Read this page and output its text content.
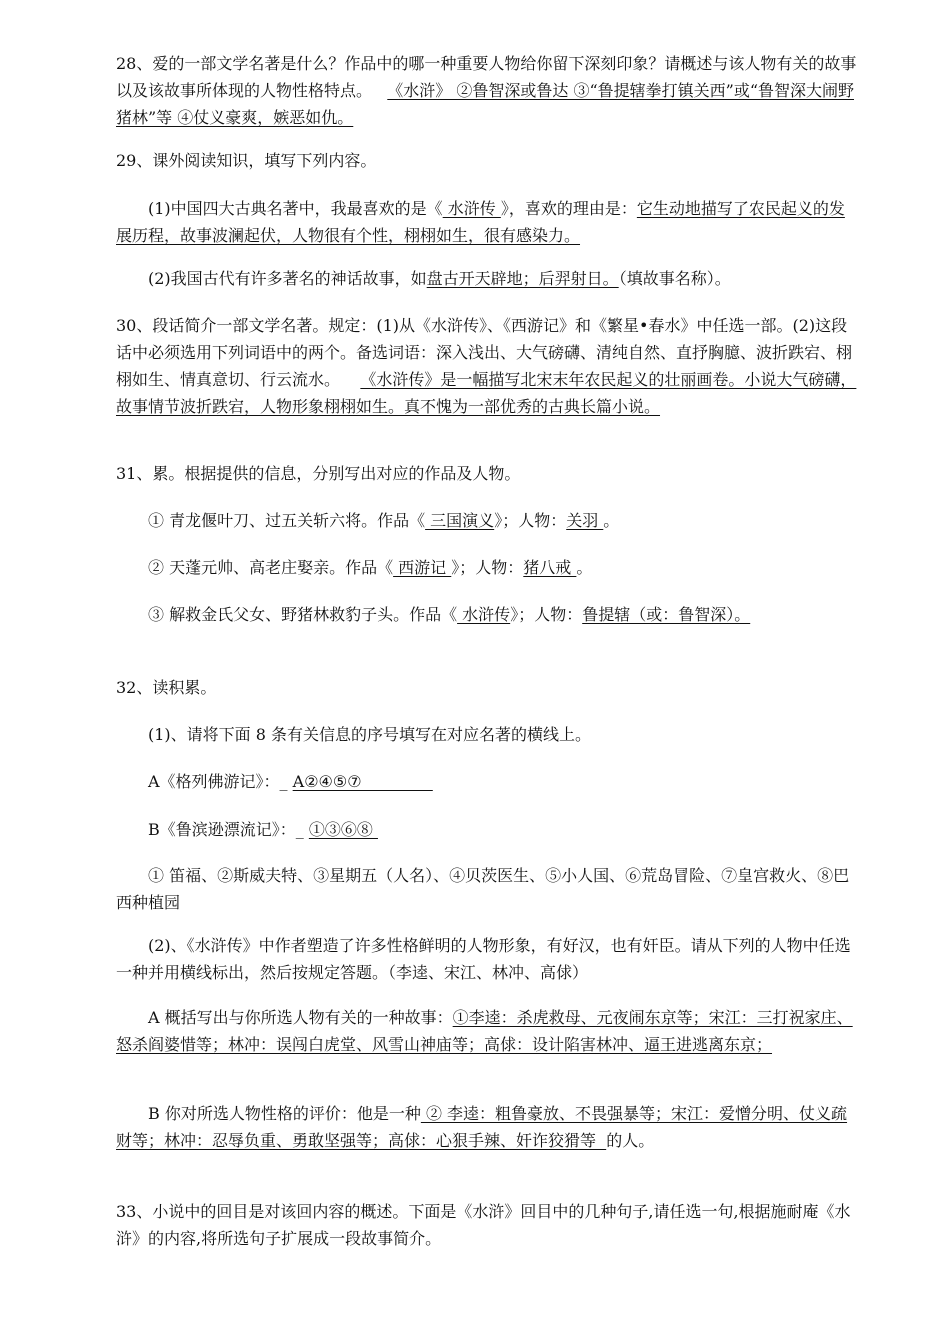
28、爱的一部文学名著是什么？作品中的哪一种重要人物给你留下深刻印象？请概述与该人物有关的故事以及该故事所体现的人物性格特点。 《水浒》 ②鲁智深或鲁达 ③“鲁提辖拳打镇关西”或“鲁智深大闹野猪林”等 ④仗义豪爽，嫉恶如仇。

29、课外阅读知识，填写下列内容。

(1)中国四大古典名著中，我最喜欢的是《 水浒传 》，喜欢的理由是：它生动地描写了农民起义的发展历程，故事波澜起伏，人物很有个性，栩栩如生，很有感染力。

(2)我国古代有许多著名的神话故事，如盘古开天辟地；后羿射日。（填故事名称）。

30、段话简介一部文学名著。规定：(1)从《水浒传》、《西游记》和《繁星•春水》中任选一部。(2)这段话中必须选用下列词语中的两个。备选词语：深入浅出、大气磅礴、清纯自然、直抒胸臆、波折跌宕、栩栩如生、情真意切、行云流水。 《水浒传》是一幅描写北宋末年农民起义的壮丽画卷。小说大气磅礴，故事情节波折跌宕，人物形象栩栩如生。真不愧为一部优秀的古典长篇小说。

31、累。根据提供的信息，分别写出对应的作品及人物。

① 青龙偃叶刀、过五关斩六将。作品《 三国演义》；人物：关羽 。

② 天蓬元帅、高老庄娶亲。作品《 西游记 》；人物：猪八戒 。

③ 解救金氏父女、野猪林救豹子头。作品《 水浒传》；人物：鲁提辖（或：鲁智深）。

32、读积累。

(1)、请将下面 8 条有关信息的序号填写在对应名著的横线上。

A《格列佛游记》：_ A②④⑤⑦

B《鲁滨逊漂流记》：_ ①③⑥⑧

① 笛福、②斯威夫特、③星期五（人名）、④贝茨医生、⑤小人国、⑥荒岛冒险、⑦皇宫救火、⑧巴西种植园

(2)、《水浒传》中作者塑造了许多性格鲜明的人物形象，有好汉，也有奸臣。请从下列的人物中任选一种并用横线标出，然后按规定答题。（李逵、宋江、林冲、高俅）

A 概括写出与你所选人物有关的一种故事：①李逵：杀虎救母、元夜闹东京等；宋江：三打祝家庄、怒杀阎婆惜等；林冲：误闯白虎堂、风雪山神庙等；高俅：设计陷害林冲、逼王进逃离东京；

B 你对所选人物性格的评价：他是一种 ② 李逵：粗鲁豪放、不畏强暴等；宋江：爱憎分明、仗义疏财等；林冲：忍辱负重、勇敢坚强等；高俅：心狠手辣、奸诈狡猾等  的人。

33、小说中的回目是对该回内容的概述。下面是《水浒》回目中的几种句子,请任选一句,根据施耐庵《水浒》的内容,将所选句子扩展成一段故事简介。
